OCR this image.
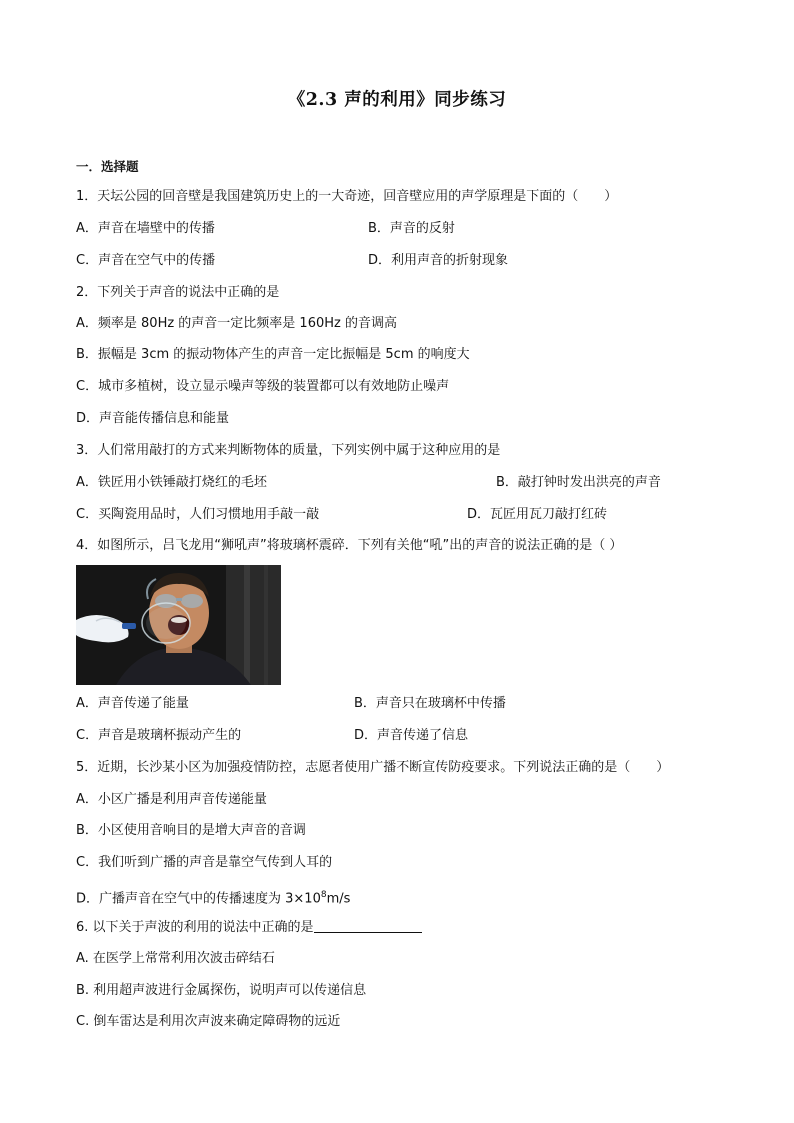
《2.3 声的利用》同步练习
一．选择题
1．天坛公园的回音壁是我国建筑历史上的一大奇迹，回音壁应用的声学原理是下面的（　　）
A．声音在墙壁中的传播	B．声音的反射
C．声音在空气中的传播	D．利用声音的折射现象
2．下列关于声音的说法中正确的是
A．频率是 80Hz 的声音一定比频率是 160Hz 的音调高
B．振幅是 3cm 的振动物体产生的声音一定比振幅是 5cm 的响度大
C．城市多植树，设立显示噪声等级的装置都可以有效地防止噪声
D．声音能传播信息和能量
3．人们常用敲打的方式来判断物体的质量，下列实例中属于这种应用的是
A．铁匠用小铁锤敲打烧红的毛坯	B．敲打钟时发出洪亮的声音
C．买陶瓷用品时，人们习惯地用手敲一敲	D．瓦匠用瓦刀敲打红砖
4．如图所示，吕飞龙用“狮吼声”将玻璃杯震碎．下列有关他“吼”出的声音的说法正确的是（ ）
A．声音传递了能量	B．声音只在玻璃杯中传播
C．声音是玻璃杯振动产生的	D．声音传递了信息
5．近期，长沙某小区为加强疫情防控，志愿者使用广播不断宣传防疫要求。下列说法正确的是（　　）
A．小区广播是利用声音传递能量
B．小区使用音响目的是增大声音的音调
C．我们听到广播的声音是靠空气传到人耳的
D．广播声音在空气中的传播速度为 $3\times 10^8m/s$
6. 以下关于声波的利用的说法中正确的是
A. 在医学上常常利用次波击碎结石
B. 利用超声波进行金属探伤，说明声可以传递信息
C. 倒车雷达是利用次声波来确定障碍物的远近
